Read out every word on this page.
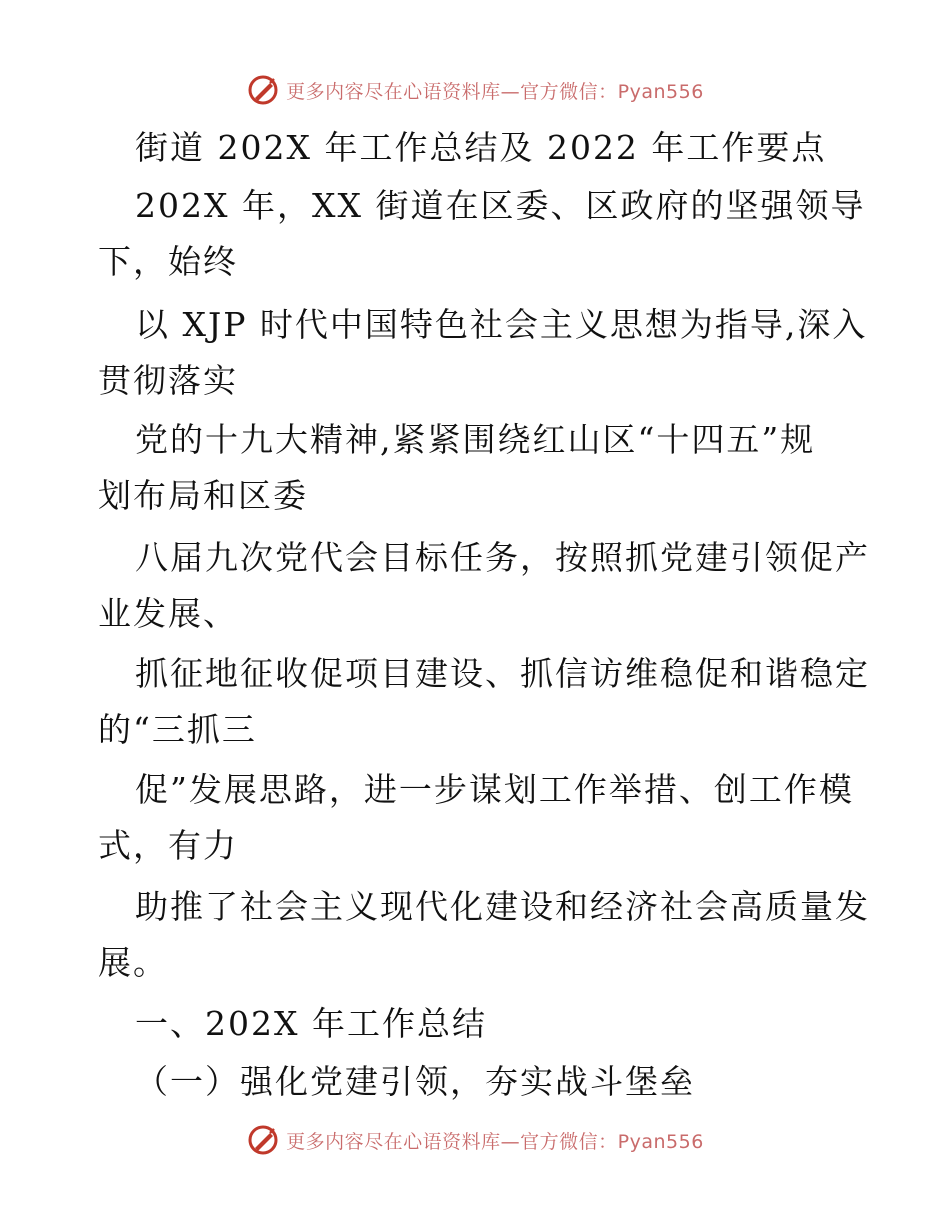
更多内容尽在心语资料库—官方微信：Pyan556
街道 202X 年工作总结及 2022 年工作要点
202X 年，XX 街道在区委、区政府的坚强领导
下，始终
以 XJP 时代中国特色社会主义思想为指导,深入
贯彻落实
党的十九大精神,紧紧围绕红山区“十四五”规
划布局和区委
八届九次党代会目标任务，按照抓党建引领促产
业发展、
抓征地征收促项目建设、抓信访维稳促和谐稳定
的“三抓三
促”发展思路，进一步谋划工作举措、创工作模
式，有力
助推了社会主义现代化建设和经济社会高质量发
展。
一、202X 年工作总结
（一）强化党建引领，夯实战斗堡垒
更多内容尽在心语资料库—官方微信：Pyan556
